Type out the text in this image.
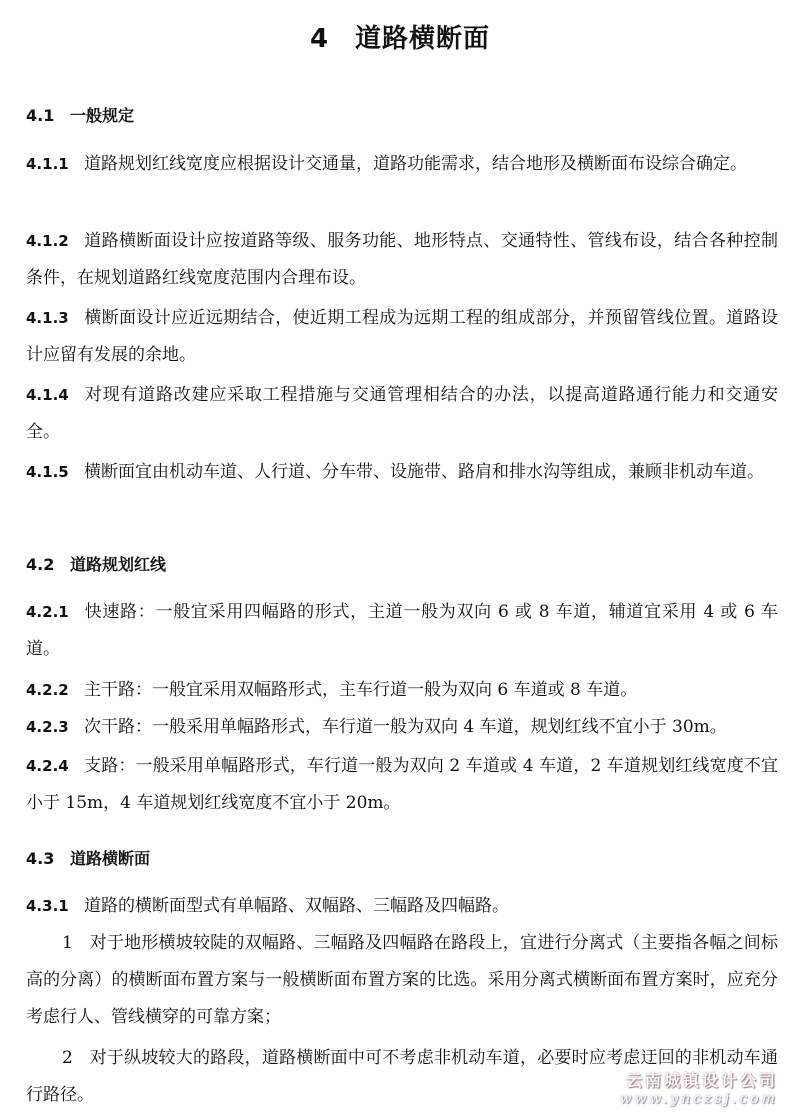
4 道路横断面
4.1 一般规定
4.1.1 道路规划红线宽度应根据设计交通量，道路功能需求，结合地形及横断面布设综合确定。
4.1.2 道路横断面设计应按道路等级、服务功能、地形特点、交通特性、管线布设，结合各种控制条件，在规划道路红线宽度范围内合理布设。
4.1.3 横断面设计应近远期结合，使近期工程成为远期工程的组成部分，并预留管线位置。道路设计应留有发展的余地。
4.1.4 对现有道路改建应采取工程措施与交通管理相结合的办法，以提高道路通行能力和交通安全。
4.1.5 横断面宜由机动车道、人行道、分车带、设施带、路肩和排水沟等组成，兼顾非机动车道。
4.2 道路规划红线
4.2.1 快速路：一般宜采用四幅路的形式，主道一般为双向 6 或 8 车道，辅道宜采用 4 或 6 车道。
4.2.2 主干路：一般宜采用双幅路形式，主车行道一般为双向 6 车道或 8 车道。
4.2.3 次干路：一般采用单幅路形式，车行道一般为双向 4 车道，规划红线不宜小于 30m。
4.2.4 支路：一般采用单幅路形式，车行道一般为双向 2 车道或 4 车道，2 车道规划红线宽度不宜小于 15m，4 车道规划红线宽度不宜小于 20m。
4.3 道路横断面
4.3.1 道路的横断面型式有单幅路、双幅路、三幅路及四幅路。
1 对于地形横坡较陡的双幅路、三幅路及四幅路在路段上，宜进行分离式（主要指各幅之间标高的分离）的横断面布置方案与一般横断面布置方案的比选。采用分离式横断面布置方案时，应充分考虑行人、管线横穿的可靠方案；
2 对于纵坡较大的路段，道路横断面中可不考虑非机动车道，必要时应考虑迂回的非机动车通行路径。
云南城镇设计公司
www.ynczsj.com
